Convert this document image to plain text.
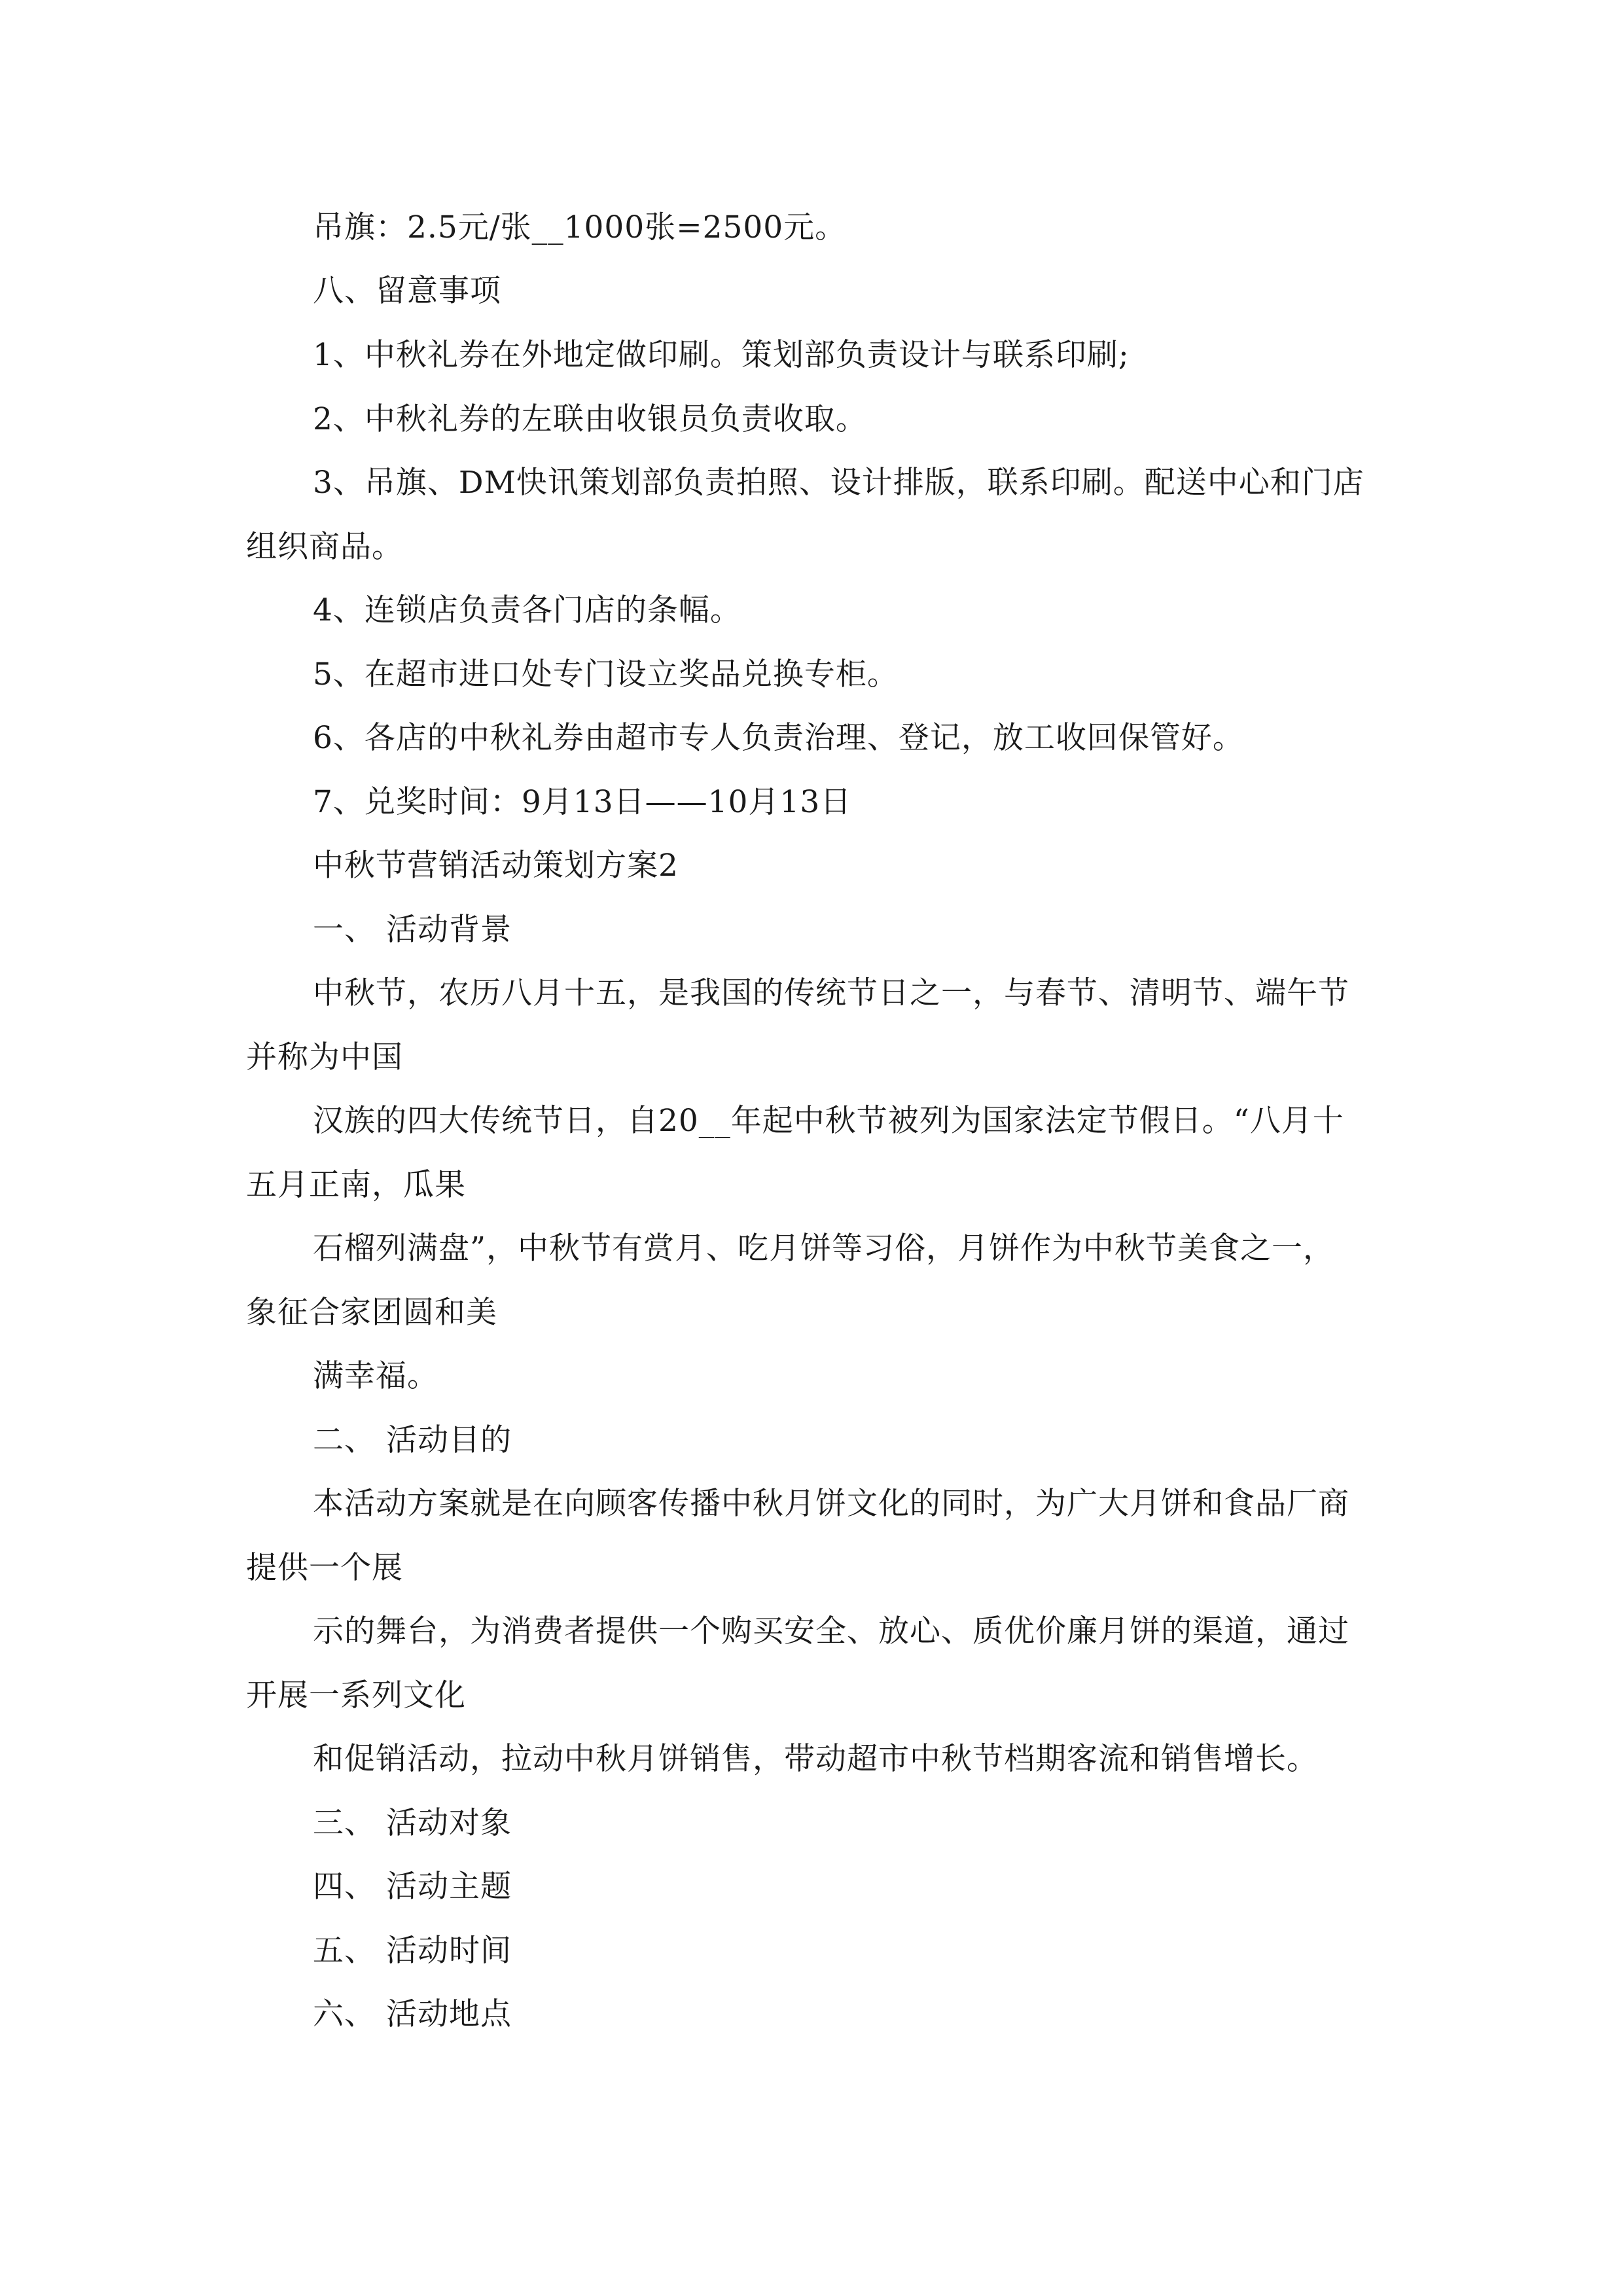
吊旗：2.5元/张__1000张=2500元。
八、留意事项
1、中秋礼券在外地定做印刷。策划部负责设计与联系印刷;
2、中秋礼券的左联由收银员负责收取。
3、吊旗、DM快讯策划部负责拍照、设计排版，联系印刷。配送中心和门店
组织商品。
4、连锁店负责各门店的条幅。
5、在超市进口处专门设立奖品兑换专柜。
6、各店的中秋礼券由超市专人负责治理、登记，放工收回保管好。
7、兑奖时间：9月13日——10月13日
中秋节营销活动策划方案2
一、 活动背景
中秋节，农历八月十五，是我国的传统节日之一，与春节、清明节、端午节
并称为中国
汉族的四大传统节日，自20__年起中秋节被列为国家法定节假日。“八月十
五月正南，瓜果
石榴列满盘”，中秋节有赏月、吃月饼等习俗，月饼作为中秋节美食之一，
象征合家团圆和美
满幸福。
二、 活动目的
本活动方案就是在向顾客传播中秋月饼文化的同时，为广大月饼和食品厂商
提供一个展
示的舞台，为消费者提供一个购买安全、放心、质优价廉月饼的渠道，通过
开展一系列文化
和促销活动，拉动中秋月饼销售，带动超市中秋节档期客流和销售增长。
三、 活动对象
四、 活动主题
五、 活动时间
六、 活动地点
